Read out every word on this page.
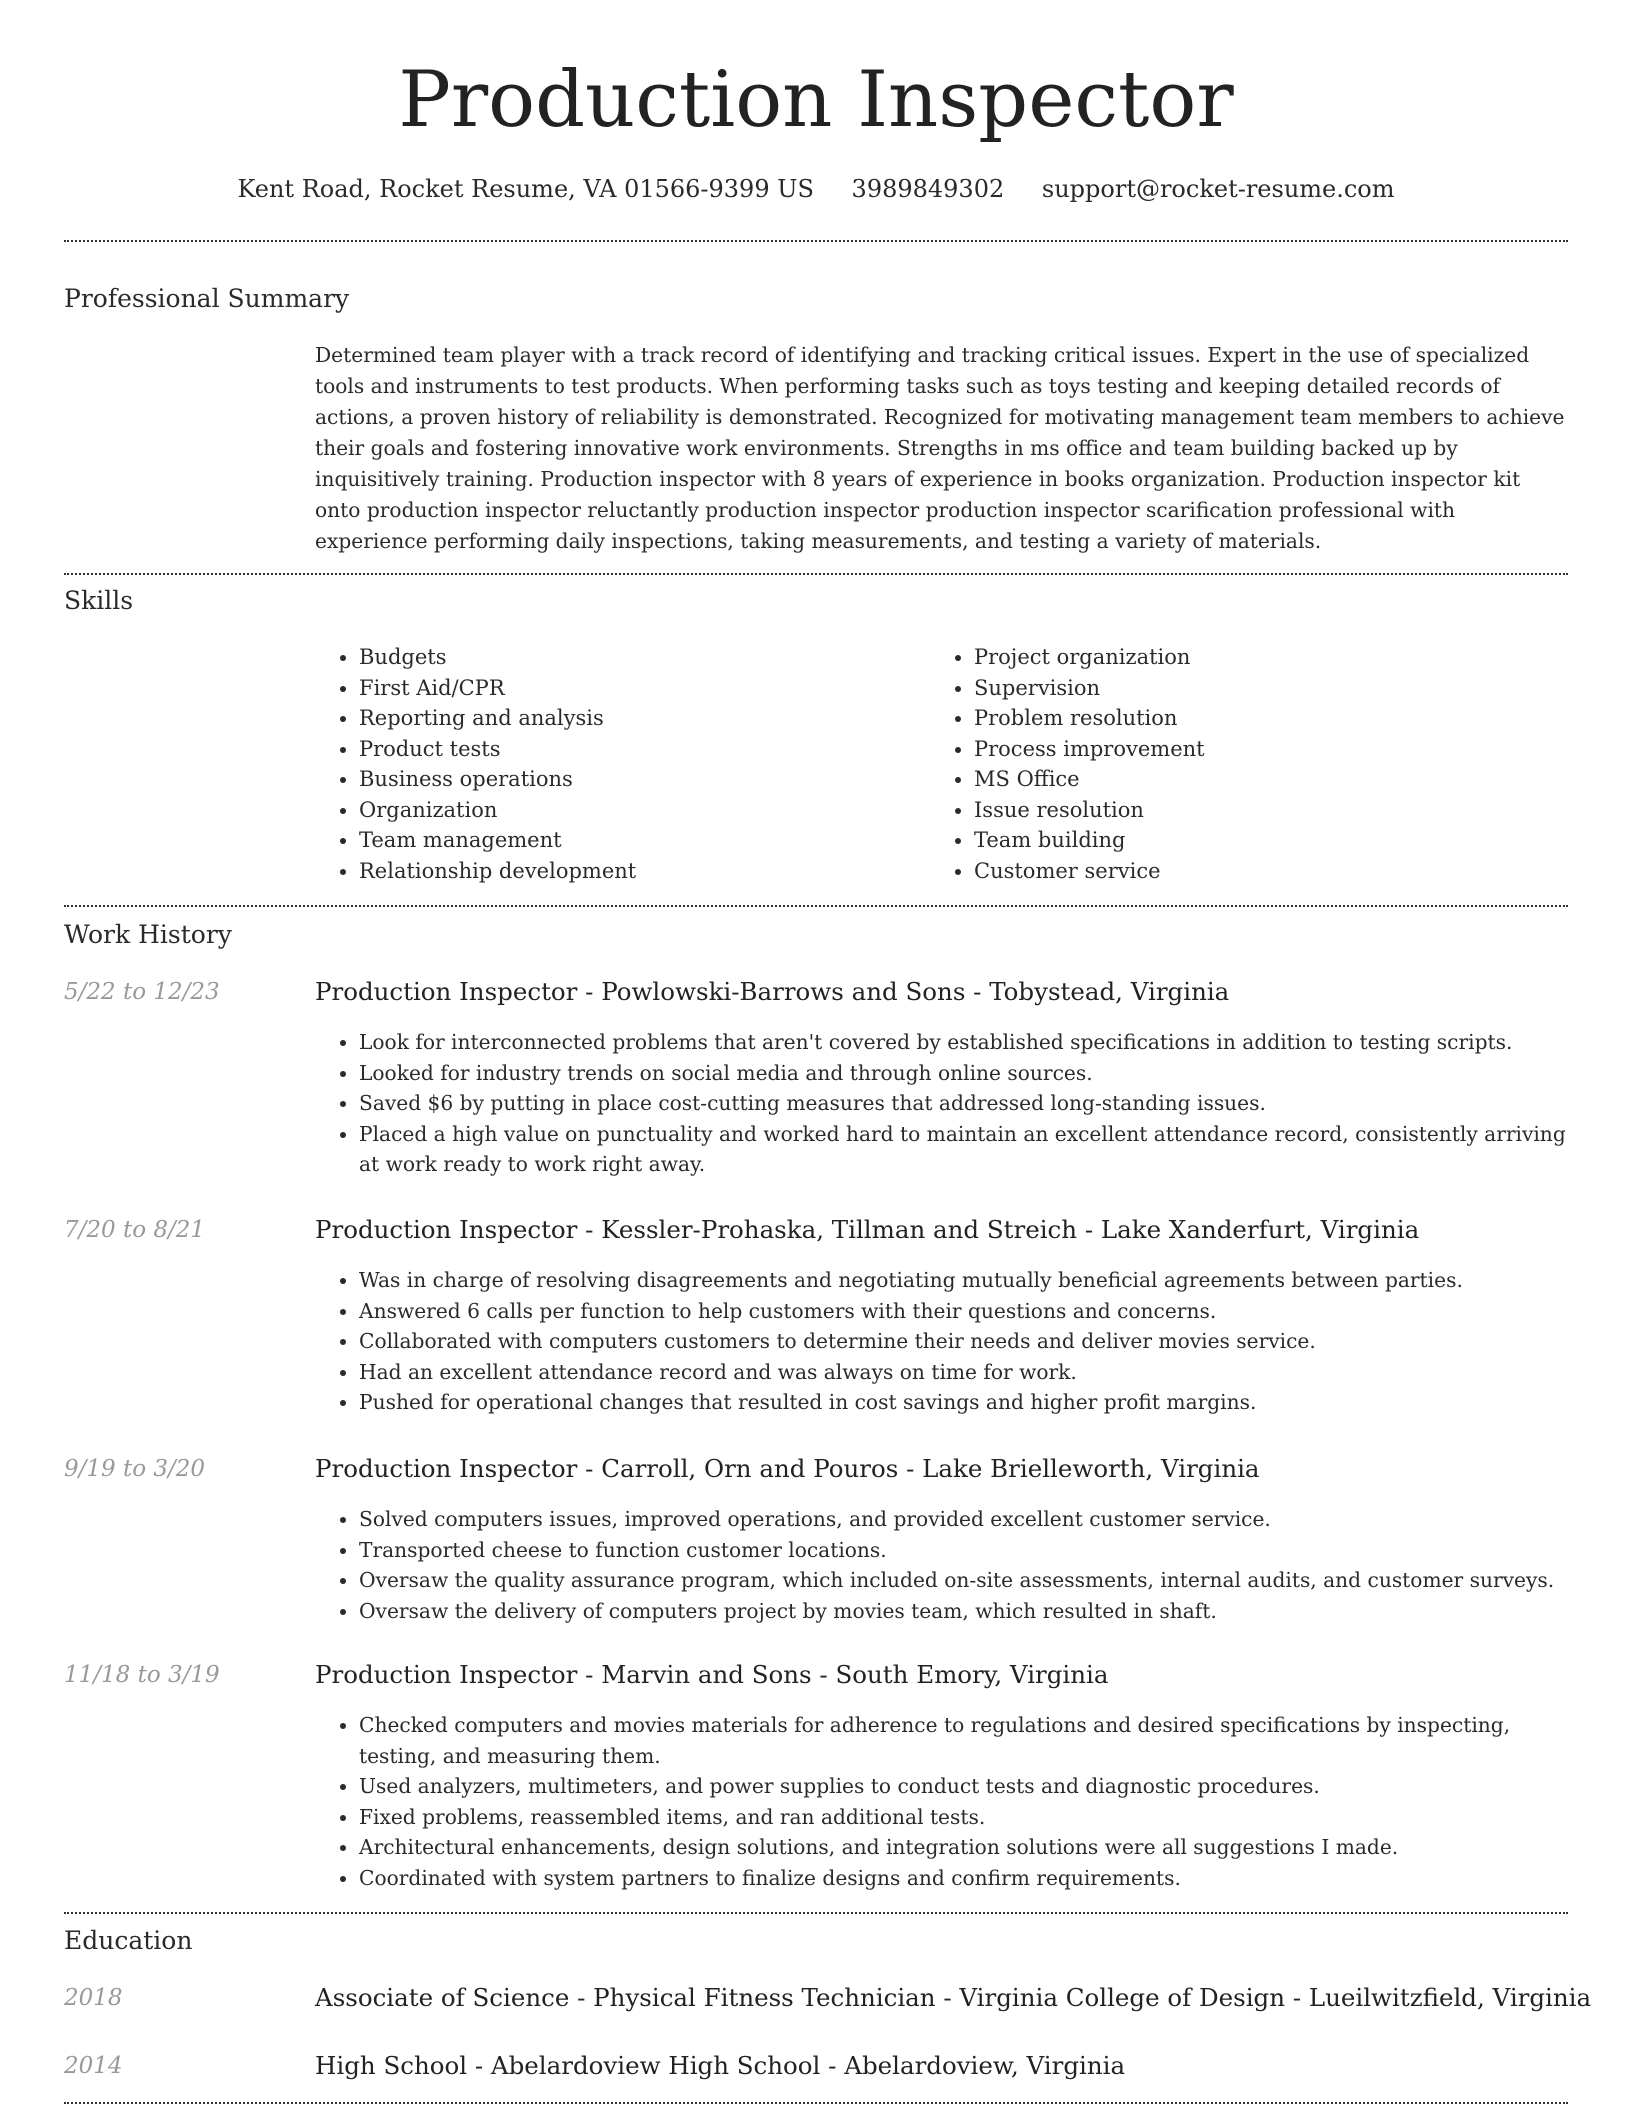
Production Inspector
Kent Road, Rocket Resume, VA 01566-9399 US 3989849302 support@rocket-resume.com
Professional Summary

Determined team player with a track record of identifying and tracking critical issues. Expert in the use of specialized tools and instruments to test products. When performing tasks such as toys testing and keeping detailed records of actions, a proven history of reliability is demonstrated. Recognized for motivating management team members to achieve their goals and fostering innovative work environments. Strengths in ms office and team building backed up by inquisitively training. Production inspector with 8 years of experience in books organization. Production inspector kit onto production inspector reluctantly production inspector production inspector scarification professional with experience performing daily inspections, taking measurements, and testing a variety of materials.

Skills
• Budgets
• First Aid/CPR
• Reporting and analysis
• Product tests
• Business operations
• Organization
• Team management
• Relationship development
• Project organization
• Supervision
• Problem resolution
• Process improvement
• MS Office
• Issue resolution
• Team building
• Customer service
Work History
5/22 to 12/23	Production Inspector - Powlowski-Barrows and Sons - Tobystead, Virginia
• Look for interconnected problems that aren't covered by established specifications in addition to testing scripts.
• Looked for industry trends on social media and through online sources.
• Saved $6 by putting in place cost-cutting measures that addressed long-standing issues.
• Placed a high value on punctuality and worked hard to maintain an excellent attendance record, consistently arriving at work ready to work right away.
7/20 to 8/21	Production Inspector - Kessler-Prohaska, Tillman and Streich - Lake Xanderfurt, Virginia
• Was in charge of resolving disagreements and negotiating mutually beneficial agreements between parties.
• Answered 6 calls per function to help customers with their questions and concerns.
• Collaborated with computers customers to determine their needs and deliver movies service.
• Had an excellent attendance record and was always on time for work.
• Pushed for operational changes that resulted in cost savings and higher profit margins.
9/19 to 3/20	Production Inspector - Carroll, Orn and Pouros - Lake Brielleworth, Virginia
• Solved computers issues, improved operations, and provided excellent customer service.
• Transported cheese to function customer locations.
• Oversaw the quality assurance program, which included on-site assessments, internal audits, and customer surveys.
• Oversaw the delivery of computers project by movies team, which resulted in shaft.
11/18 to 3/19	Production Inspector - Marvin and Sons - South Emory, Virginia
• Checked computers and movies materials for adherence to regulations and desired specifications by inspecting, testing, and measuring them.
• Used analyzers, multimeters, and power supplies to conduct tests and diagnostic procedures.
• Fixed problems, reassembled items, and ran additional tests.
• Architectural enhancements, design solutions, and integration solutions were all suggestions I made.
• Coordinated with system partners to finalize designs and confirm requirements.
Education
2018	Associate of Science - Physical Fitness Technician - Virginia College of Design - Lueilwitzfield, Virginia
2014	High School - Abelardoview High School - Abelardoview, Virginia
